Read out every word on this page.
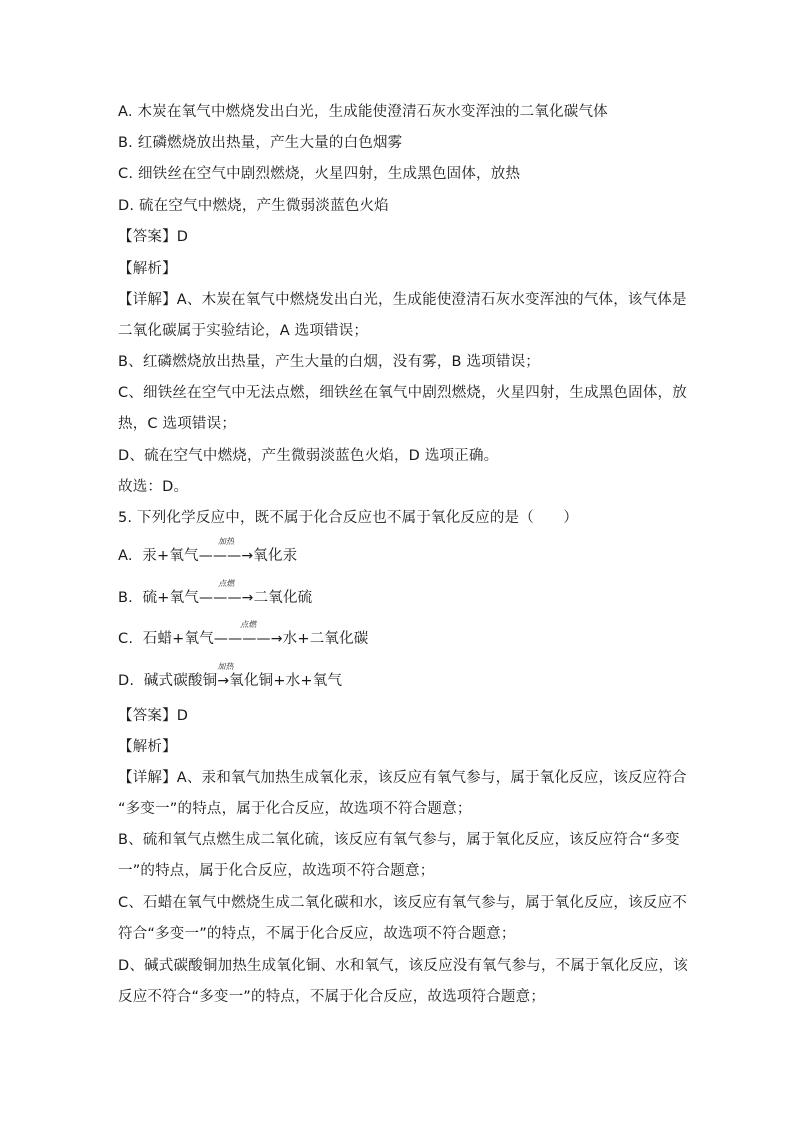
A. 木炭在氧气中燃烧发出白光，生成能使澄清石灰水变浑浊的二氧化碳气体
B. 红磷燃烧放出热量，产生大量的白色烟雾
C. 细铁丝在空气中剧烈燃烧，火星四射，生成黑色固体，放热
D. 硫在空气中燃烧，产生微弱淡蓝色火焰
【答案】D
【解析】
【详解】A、木炭在氧气中燃烧发出白光，生成能使澄清石灰水变浑浊的气体，该气体是
二氧化碳属于实验结论，A 选项错误；
B、红磷燃烧放出热量，产生大量的白烟，没有雾，B 选项错误；
C、细铁丝在空气中无法点燃，细铁丝在氧气中剧烈燃烧，火星四射，生成黑色固体，放
热，C 选项错误；
D、硫在空气中燃烧，产生微弱淡蓝色火焰，D 选项正确。
故选：D。
5. 下列化学反应中，既不属于化合反应也不属于氧化反应的是（　　）
A. 汞+氧气
加热
———→氧化汞
B. 硫+氧气
点燃
———→二氧化硫
C. 石蜡+氧气
点燃
————→水+二氧化碳
D. 碱式碳酸铜
加热
→氧化铜+水+氧气
【答案】D
【解析】
【详解】A、汞和氧气加热生成氧化汞，该反应有氧气参与，属于氧化反应，该反应符合
“多变一”的特点，属于化合反应，故选项不符合题意；
B、硫和氧气点燃生成二氧化硫，该反应有氧气参与，属于氧化反应，该反应符合“多变
一”的特点，属于化合反应，故选项不符合题意；
C、石蜡在氧气中燃烧生成二氧化碳和水，该反应有氧气参与，属于氧化反应，该反应不
符合“多变一”的特点，不属于化合反应，故选项不符合题意；
D、碱式碳酸铜加热生成氧化铜、水和氧气，该反应没有氧气参与，不属于氧化反应，该
反应不符合“多变一”的特点，不属于化合反应，故选项符合题意；
